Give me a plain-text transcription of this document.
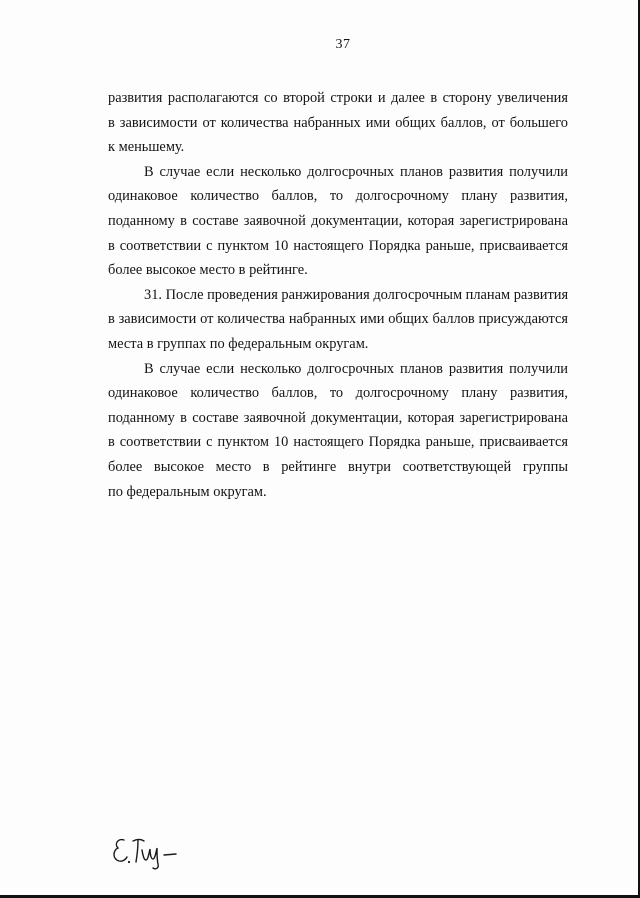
37
развития располагаются со второй строки и далее в сторону увеличения
в зависимости от количества набранных ими общих баллов, от большего
к меньшему.
В случае если несколько долгосрочных планов развития получили
одинаковое количество баллов, то долгосрочному плану развития,
поданному в составе заявочной документации, которая зарегистрирована
в соответствии с пунктом 10 настоящего Порядка раньше, присваивается
более высокое место в рейтинге.
31. После проведения ранжирования долгосрочным планам развития
в зависимости от количества набранных ими общих баллов присуждаются
места в группах по федеральным округам.
В случае если несколько долгосрочных планов развития получили
одинаковое количество баллов, то долгосрочному плану развития,
поданному в составе заявочной документации, которая зарегистрирована
в соответствии с пунктом 10 настоящего Порядка раньше, присваивается
более высокое место в рейтинге внутри соответствующей группы
по федеральным округам.
